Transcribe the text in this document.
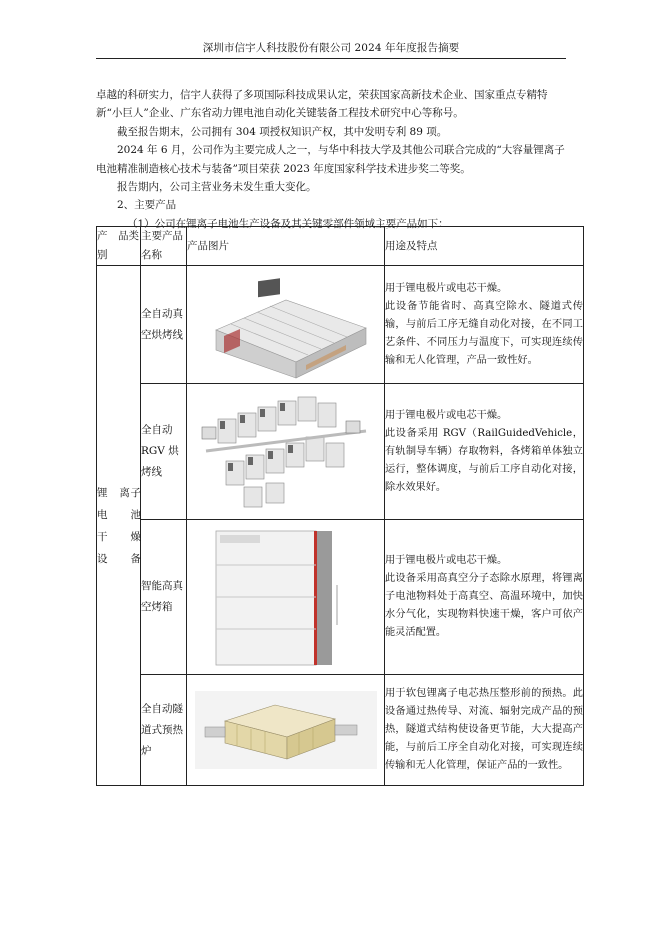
深圳市信宇人科技股份有限公司 2024 年年度报告摘要

卓越的科研实力，信宇人获得了多项国际科技成果认定，荣获国家高新技术企业、国家重点专精特新“小巨人”企业、广东省动力锂电池自动化关键装备工程技术研究中心等称号。

截至报告期末，公司拥有 304 项授权知识产权，其中发明专利 89 项。

2024 年 6 月，公司作为主要完成人之一，与华中科技大学及其他公司联合完成的“大容量锂离子电池精准制造核心技术与装备”项目荣获 2023 年度国家科学技术进步奖二等奖。

报告期内，公司主营业务未发生重大变化。

2、主要产品

（1）公司在锂离子电池生产设备及其关键零部件领域主要产品如下：

产　品类别	主要产品名称	产品图片	用途及特点

锂　离子　电　池　干　燥　设　备	全自动真空烘烤线		用于锂电极片或电芯干燥。
此设备节能省时、高真空除水、隧道式传输，与前后工序无缝自动化对接，在不同工艺条件、不同压力与温度下，可实现连续传输和无人化管理，产品一致性好。

	全自动RGV 烘烤线		用于锂电极片或电芯干燥。
此设备采用 RGV（RailGuidedVehicle，有轨制导车辆）存取物料，各烤箱单体独立运行，整体调度，与前后工序自动化对接，除水效果好。

	智能高真空烤箱		用于锂电极片或电芯干燥。
此设备采用高真空分子态除水原理，将锂离子电池物料处于高真空、高温环境中，加快水分气化，实现物料快速干燥，客户可依产能灵活配置。

	全自动隧道式预热炉		用于软包锂离子电芯热压整形前的预热。此设备通过热传导、对流、辐射完成产品的预热，隧道式结构使设备更节能，大大提高产能，与前后工序全自动化对接，可实现连续传输和无人化管理，保证产品的一致性。
